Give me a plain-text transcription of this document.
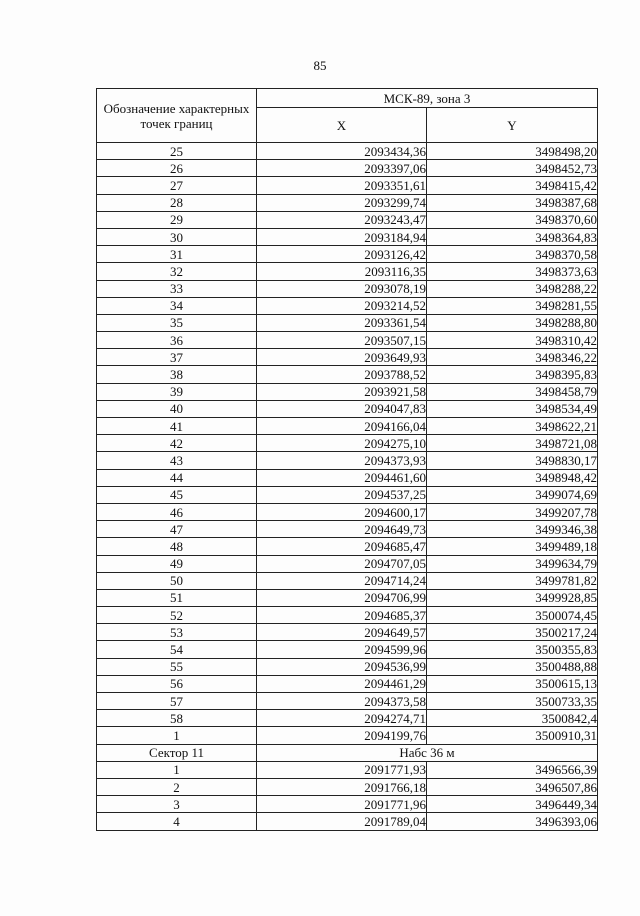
85
Обозначение характерных точек границ	МСК-89, зона 3	
	X	Y
25	2093434,36	3498498,20
26	2093397,06	3498452,73
27	2093351,61	3498415,42
28	2093299,74	3498387,68
29	2093243,47	3498370,60
30	2093184,94	3498364,83
31	2093126,42	3498370,58
32	2093116,35	3498373,63
33	2093078,19	3498288,22
34	2093214,52	3498281,55
35	2093361,54	3498288,80
36	2093507,15	3498310,42
37	2093649,93	3498346,22
38	2093788,52	3498395,83
39	2093921,58	3498458,79
40	2094047,83	3498534,49
41	2094166,04	3498622,21
42	2094275,10	3498721,08
43	2094373,93	3498830,17
44	2094461,60	3498948,42
45	2094537,25	3499074,69
46	2094600,17	3499207,78
47	2094649,73	3499346,38
48	2094685,47	3499489,18
49	2094707,05	3499634,79
50	2094714,24	3499781,82
51	2094706,99	3499928,85
52	2094685,37	3500074,45
53	2094649,57	3500217,24
54	2094599,96	3500355,83
55	2094536,99	3500488,88
56	2094461,29	3500615,13
57	2094373,58	3500733,35
58	2094274,71	3500842,4
1	2094199,76	3500910,31
Сектор 11	Набс 36 м	
1	2091771,93	3496566,39
2	2091766,18	3496507,86
3	2091771,96	3496449,34
4	2091789,04	3496393,06
